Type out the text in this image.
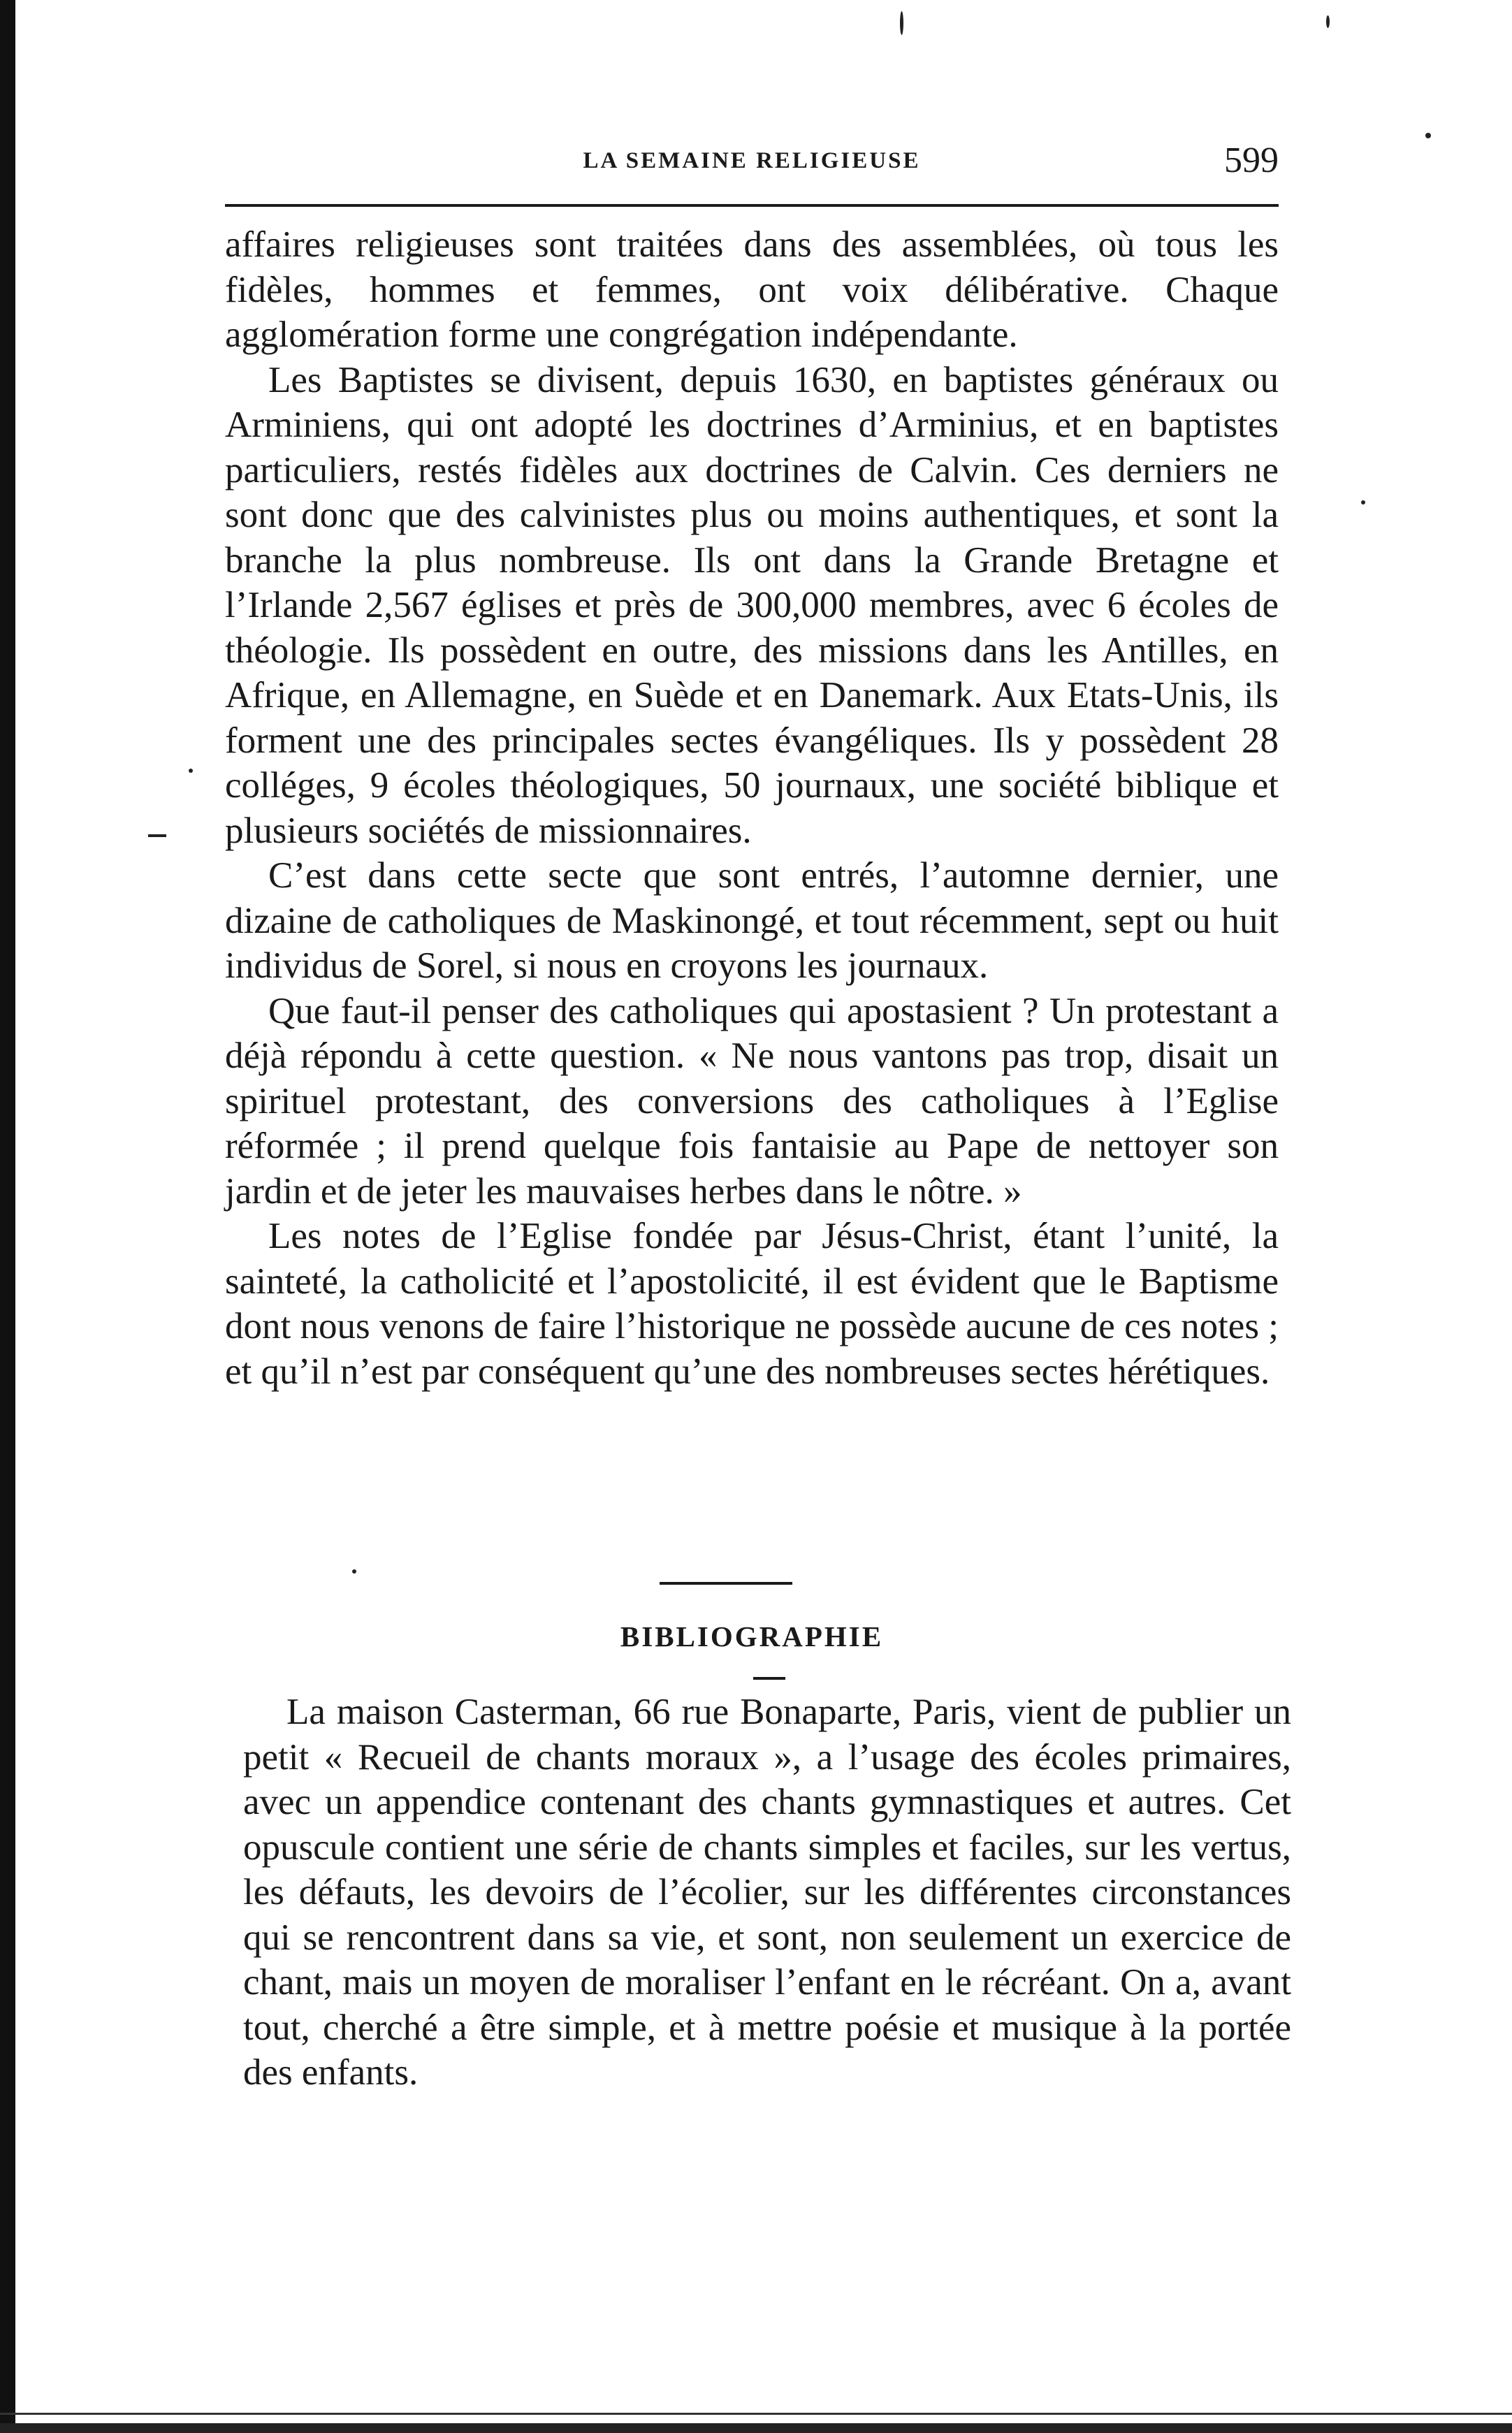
LA SEMAINE RELIGIEUSE	599

affaires religieuses sont traitées dans des assemblées, où tous les fidèles, hommes et femmes, ont voix délibérative. Chaque agglomération forme une congrégation indépendante.

Les Baptistes se divisent, depuis 1630, en baptistes généraux ou Arminiens, qui ont adopté les doctrines d’Arminius, et en baptistes particuliers, restés fidèles aux doctrines de Calvin. Ces derniers ne sont donc que des calvinistes plus ou moins authentiques, et sont la branche la plus nombreuse. Ils ont dans la Grande Bretagne et l’Irlande 2,567 églises et près de 300,000 membres, avec 6 écoles de théologie. Ils possèdent en outre, des missions dans les Antilles, en Afrique, en Allemagne, en Suède et en Danemark. Aux Etats-Unis, ils forment une des principales sectes évangéliques. Ils y possèdent 28 colléges, 9 écoles théologiques, 50 journaux, une société biblique et plusieurs sociétés de missionnaires.

C’est dans cette secte que sont entrés, l’automne dernier, une dizaine de catholiques de Maskinongé, et tout récemment, sept ou huit individus de Sorel, si nous en croyons les journaux.

Que faut-il penser des catholiques qui apostasient ? Un protestant a déjà répondu à cette question. « Ne nous vantons pas trop, disait un spirituel protestant, des conversions des catholiques à l’Eglise réformée ; il prend quelque fois fantaisie au Pape de nettoyer son jardin et de jeter les mauvaises herbes dans le nôtre. »

Les notes de l’Eglise fondée par Jésus-Christ, étant l’unité, la sainteté, la catholicité et l’apostolicité, il est évident que le Baptisme dont nous venons de faire l’historique ne possède aucune de ces notes ; et qu’il n’est par conséquent qu’une des nombreuses sectes hérétiques.

BIBLIOGRAPHIE

La maison Casterman, 66 rue Bonaparte, Paris, vient de publier un petit « Recueil de chants moraux », a l’usage des écoles primaires, avec un appendice contenant des chants gymnastiques et autres. Cet opuscule contient une série de chants simples et faciles, sur les vertus, les défauts, les devoirs de l’écolier, sur les différentes circonstances qui se rencontrent dans sa vie, et sont, non seulement un exercice de chant, mais un moyen de moraliser l’enfant en le récréant. On a, avant tout, cherché a être simple, et à mettre poésie et musique à la portée des enfants.
